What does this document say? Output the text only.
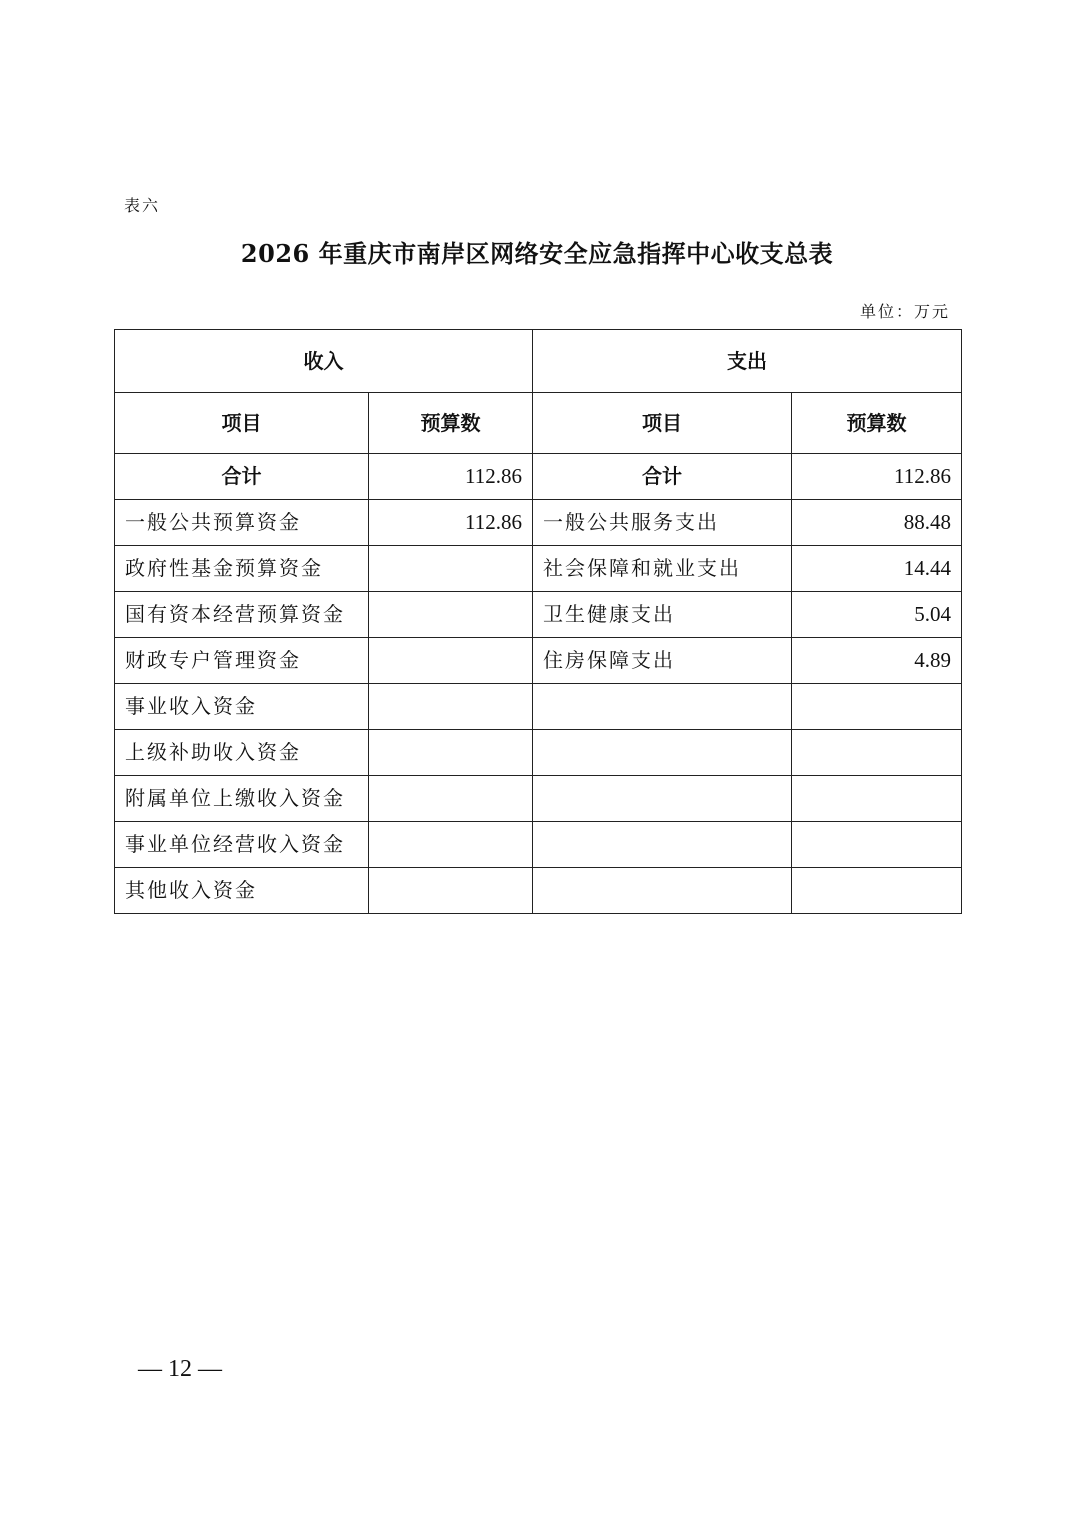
表六
2026 年重庆市南岸区网络安全应急指挥中心收支总表
单位：万元
收入		支出	
项目	预算数	项目	预算数
合计	112.86	合计	112.86
一般公共预算资金	112.86	一般公共服务支出	88.48
政府性基金预算资金		社会保障和就业支出	14.44
国有资本经营预算资金		卫生健康支出	5.04
财政专户管理资金		住房保障支出	4.89
事业收入资金			
上级补助收入资金			
附属单位上缴收入资金			
事业单位经营收入资金			
其他收入资金			
— 12 —
